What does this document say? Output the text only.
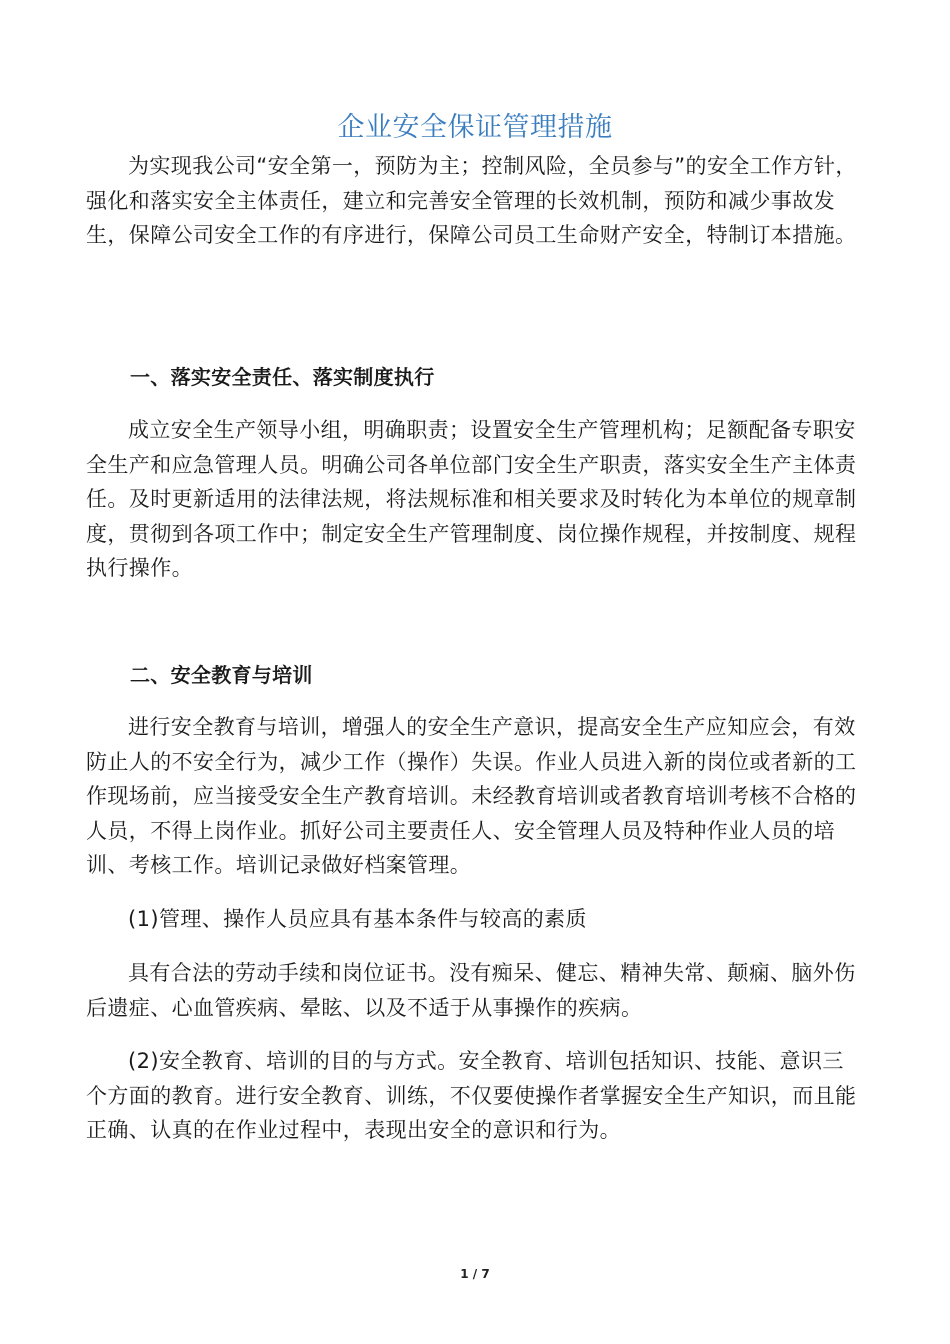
企业安全保证管理措施

为实现我公司“安全第一，预防为主；控制风险，全员参与”的安全工作方针，强化和落实安全主体责任，建立和完善安全管理的长效机制，预防和减少事故发生，保障公司安全工作的有序进行，保障公司员工生命财产安全，特制订本措施。

一、落实安全责任、落实制度执行

成立安全生产领导小组，明确职责；设置安全生产管理机构；足额配备专职安全生产和应急管理人员。明确公司各单位部门安全生产职责，落实安全生产主体责任。及时更新适用的法律法规，将法规标准和相关要求及时转化为本单位的规章制度，贯彻到各项工作中；制定安全生产管理制度、岗位操作规程，并按制度、规程执行操作。

二、安全教育与培训

进行安全教育与培训，增强人的安全生产意识，提高安全生产应知应会，有效防止人的不安全行为，减少工作（操作）失误。作业人员进入新的岗位或者新的工作现场前，应当接受安全生产教育培训。未经教育培训或者教育培训考核不合格的人员，不得上岗作业。抓好公司主要责任人、安全管理人员及特种作业人员的培训、考核工作。培训记录做好档案管理。

(1)管理、操作人员应具有基本条件与较高的素质

具有合法的劳动手续和岗位证书。没有痴呆、健忘、精神失常、颠痫、脑外伤后遗症、心血管疾病、晕眩、以及不适于从事操作的疾病。

(2)安全教育、培训的目的与方式。安全教育、培训包括知识、技能、意识三个方面的教育。进行安全教育、训练，不仅要使操作者掌握安全生产知识，而且能正确、认真的在作业过程中，表现出安全的意识和行为。

1 / 7
